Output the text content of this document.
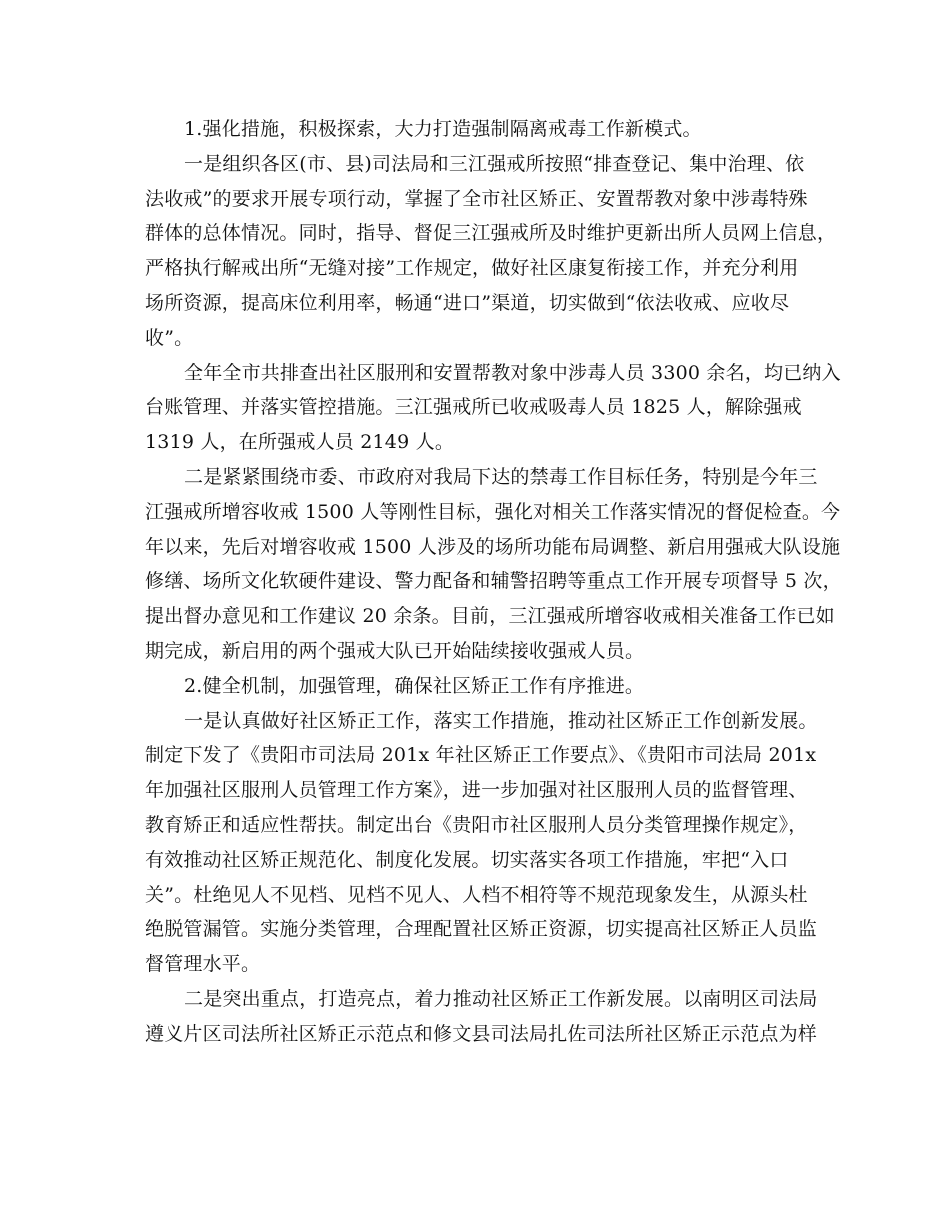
1.强化措施，积极探索，大力打造强制隔离戒毒工作新模式。

一是组织各区(市、县)司法局和三江强戒所按照“排查登记、集中治理、依
法收戒”的要求开展专项行动，掌握了全市社区矫正、安置帮教对象中涉毒特殊
群体的总体情况。同时，指导、督促三江强戒所及时维护更新出所人员网上信息，
严格执行解戒出所“无缝对接”工作规定，做好社区康复衔接工作，并充分利用
场所资源，提高床位利用率，畅通“进口”渠道，切实做到“依法收戒、应收尽
收”。

全年全市共排查出社区服刑和安置帮教对象中涉毒人员 3300 余名，均已纳入
台账管理、并落实管控措施。三江强戒所已收戒吸毒人员 1825 人，解除强戒
1319 人，在所强戒人员 2149 人。

二是紧紧围绕市委、市政府对我局下达的禁毒工作目标任务，特别是今年三
江强戒所增容收戒 1500 人等刚性目标，强化对相关工作落实情况的督促检查。今
年以来，先后对增容收戒 1500 人涉及的场所功能布局调整、新启用强戒大队设施
修缮、场所文化软硬件建设、警力配备和辅警招聘等重点工作开展专项督导 5 次，
提出督办意见和工作建议 20 余条。目前，三江强戒所增容收戒相关准备工作已如
期完成，新启用的两个强戒大队已开始陆续接收强戒人员。

2.健全机制，加强管理，确保社区矫正工作有序推进。

一是认真做好社区矫正工作，落实工作措施，推动社区矫正工作创新发展。
制定下发了《贵阳市司法局 201x 年社区矫正工作要点》、《贵阳市司法局 201x
年加强社区服刑人员管理工作方案》，进一步加强对社区服刑人员的监督管理、
教育矫正和适应性帮扶。制定出台《贵阳市社区服刑人员分类管理操作规定》，
有效推动社区矫正规范化、制度化发展。切实落实各项工作措施，牢把“入口
关”。杜绝见人不见档、见档不见人、人档不相符等不规范现象发生，从源头杜
绝脱管漏管。实施分类管理，合理配置社区矫正资源，切实提高社区矫正人员监
督管理水平。

二是突出重点，打造亮点，着力推动社区矫正工作新发展。以南明区司法局
遵义片区司法所社区矫正示范点和修文县司法局扎佐司法所社区矫正示范点为样
